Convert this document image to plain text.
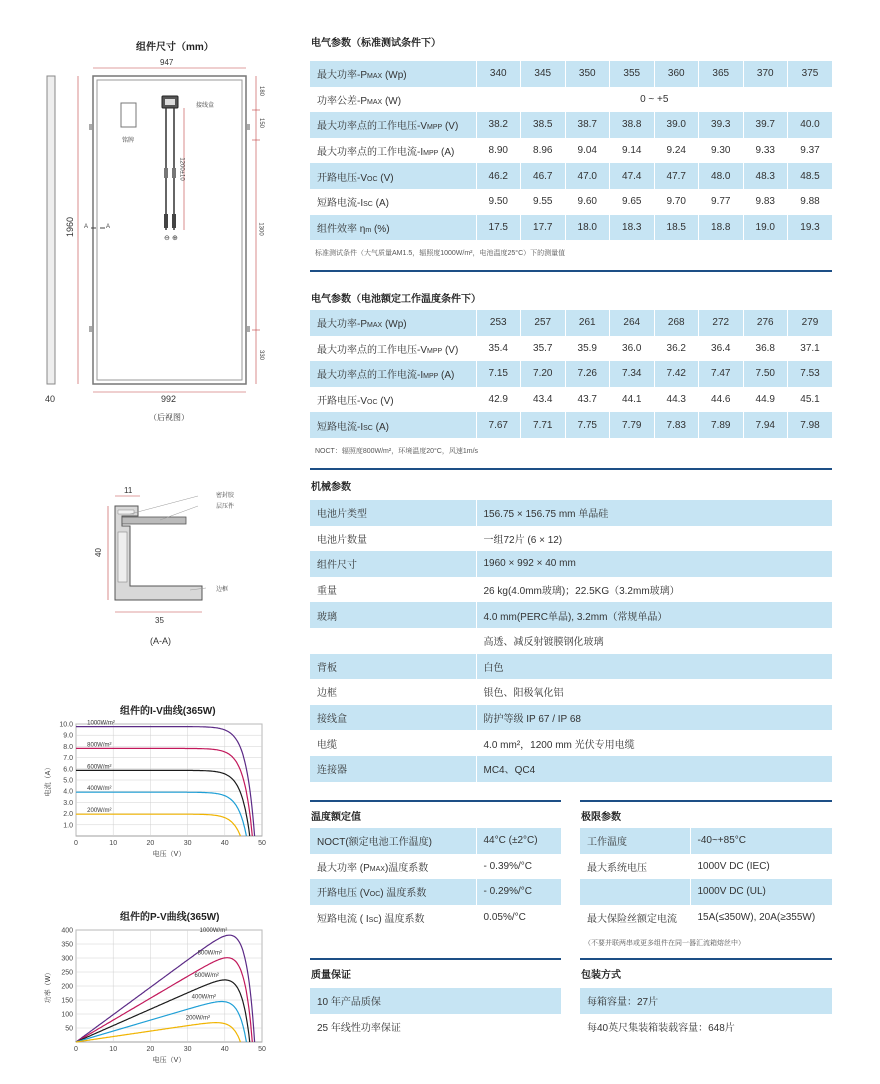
组件尺寸（mm）
⊖ ⊕
947
1960
992
40
180
150
1300
330
1200±10
接线盒
铭牌
A	A
（后视图）
11
40
35
密封胶
层压件
边框
(A-A)
组件的I-V曲线(365W)
0	10	20	30	40	50
1.0
2.0
3.0
4.0
5.0
6.0
7.0
8.0
9.0
10.0 1000W/m²
800W/m²
600W/m²
400W/m²
200W/m²
电压（V）
电流（A）
组件的P-V曲线(365W)
0	10	20	30	40	50
50
100
150
200
250
300
350
400	1000W/m²
800W/m²
600W/m²
400W/m²
200W/m²
电压（V）
功率（W）
电气参数（标准测试条件下）
最大功率-PMAX (Wp)	340	345	350	355	360	365	370	375
功率公差-PMAX (W)	0 ~ +5							
最大功率点的工作电压-VMPP (V)	38.2	38.5	38.7	38.8	39.0	39.3	39.7	40.0
最大功率点的工作电流-IMPP (A)	8.90	8.96	9.04	9.14	9.24	9.30	9.33	9.37
开路电压-VOC (V)	46.2	46.7	47.0	47.4	47.7	48.0	48.3	48.5
短路电流-ISC (A)	9.50	9.55	9.60	9.65	9.70	9.77	9.83	9.88
组件效率 ηm (%)	17.5	17.7	18.0	18.3	18.5	18.8	19.0	19.3
标准测试条件（大气质量AM1.5，辐照度1000W/m²，电池温度25°C）下的测量值
电气参数（电池额定工作温度条件下）
最大功率-PMAX (Wp)	253	257	261	264	268	272	276	279
最大功率点的工作电压-VMPP (V)	35.4	35.7	35.9	36.0	36.2	36.4	36.8	37.1
最大功率点的工作电流-IMPP (A)	7.15	7.20	7.26	7.34	7.42	7.47	7.50	7.53
开路电压-VOC (V)	42.9	43.4	43.7	44.1	44.3	44.6	44.9	45.1
短路电流-ISC (A)	7.67	7.71	7.75	7.79	7.83	7.89	7.94	7.98
NOCT：辐照度800W/m²，环境温度20°C，风速1m/s
机械参数
电池片类型	156.75 × 156.75 mm 单晶硅
电池片数量	一组72片 (6 × 12)
组件尺寸	1960 × 992 × 40 mm
重量	26 kg(4.0mm玻璃)；22.5KG（3.2mm玻璃）
玻璃	4.0 mm(PERC单晶), 3.2mm（常规单晶）
	高透、减反射镀膜钢化玻璃
背板	白色
边框	银色、阳极氧化铝
接线盒	防护等级 IP 67 / IP 68
电缆	4.0 mm²，1200 mm 光伏专用电缆
连接器	MC4、QC4
温度额定值
NOCT(额定电池工作温度)	44°C (±2°C)
最大功率 (PMAX)温度系数	- 0.39%/°C
开路电压 (VOC) 温度系数	- 0.29%/°C
短路电流 ( ISC) 温度系数	0.05%/°C
极限参数
工作温度	-40~+85°C
最大系统电压	1000V DC (IEC)
	1000V DC (UL)
最大保险丝额定电流	15A(≤350W), 20A(≥355W)
（不要并联两串或更多组件在同一器汇流箱熔丝中）
质量保证
10 年产品质保
25 年线性功率保证
包装方式
每箱容量：27片
每40英尺集装箱装载容量：648片
